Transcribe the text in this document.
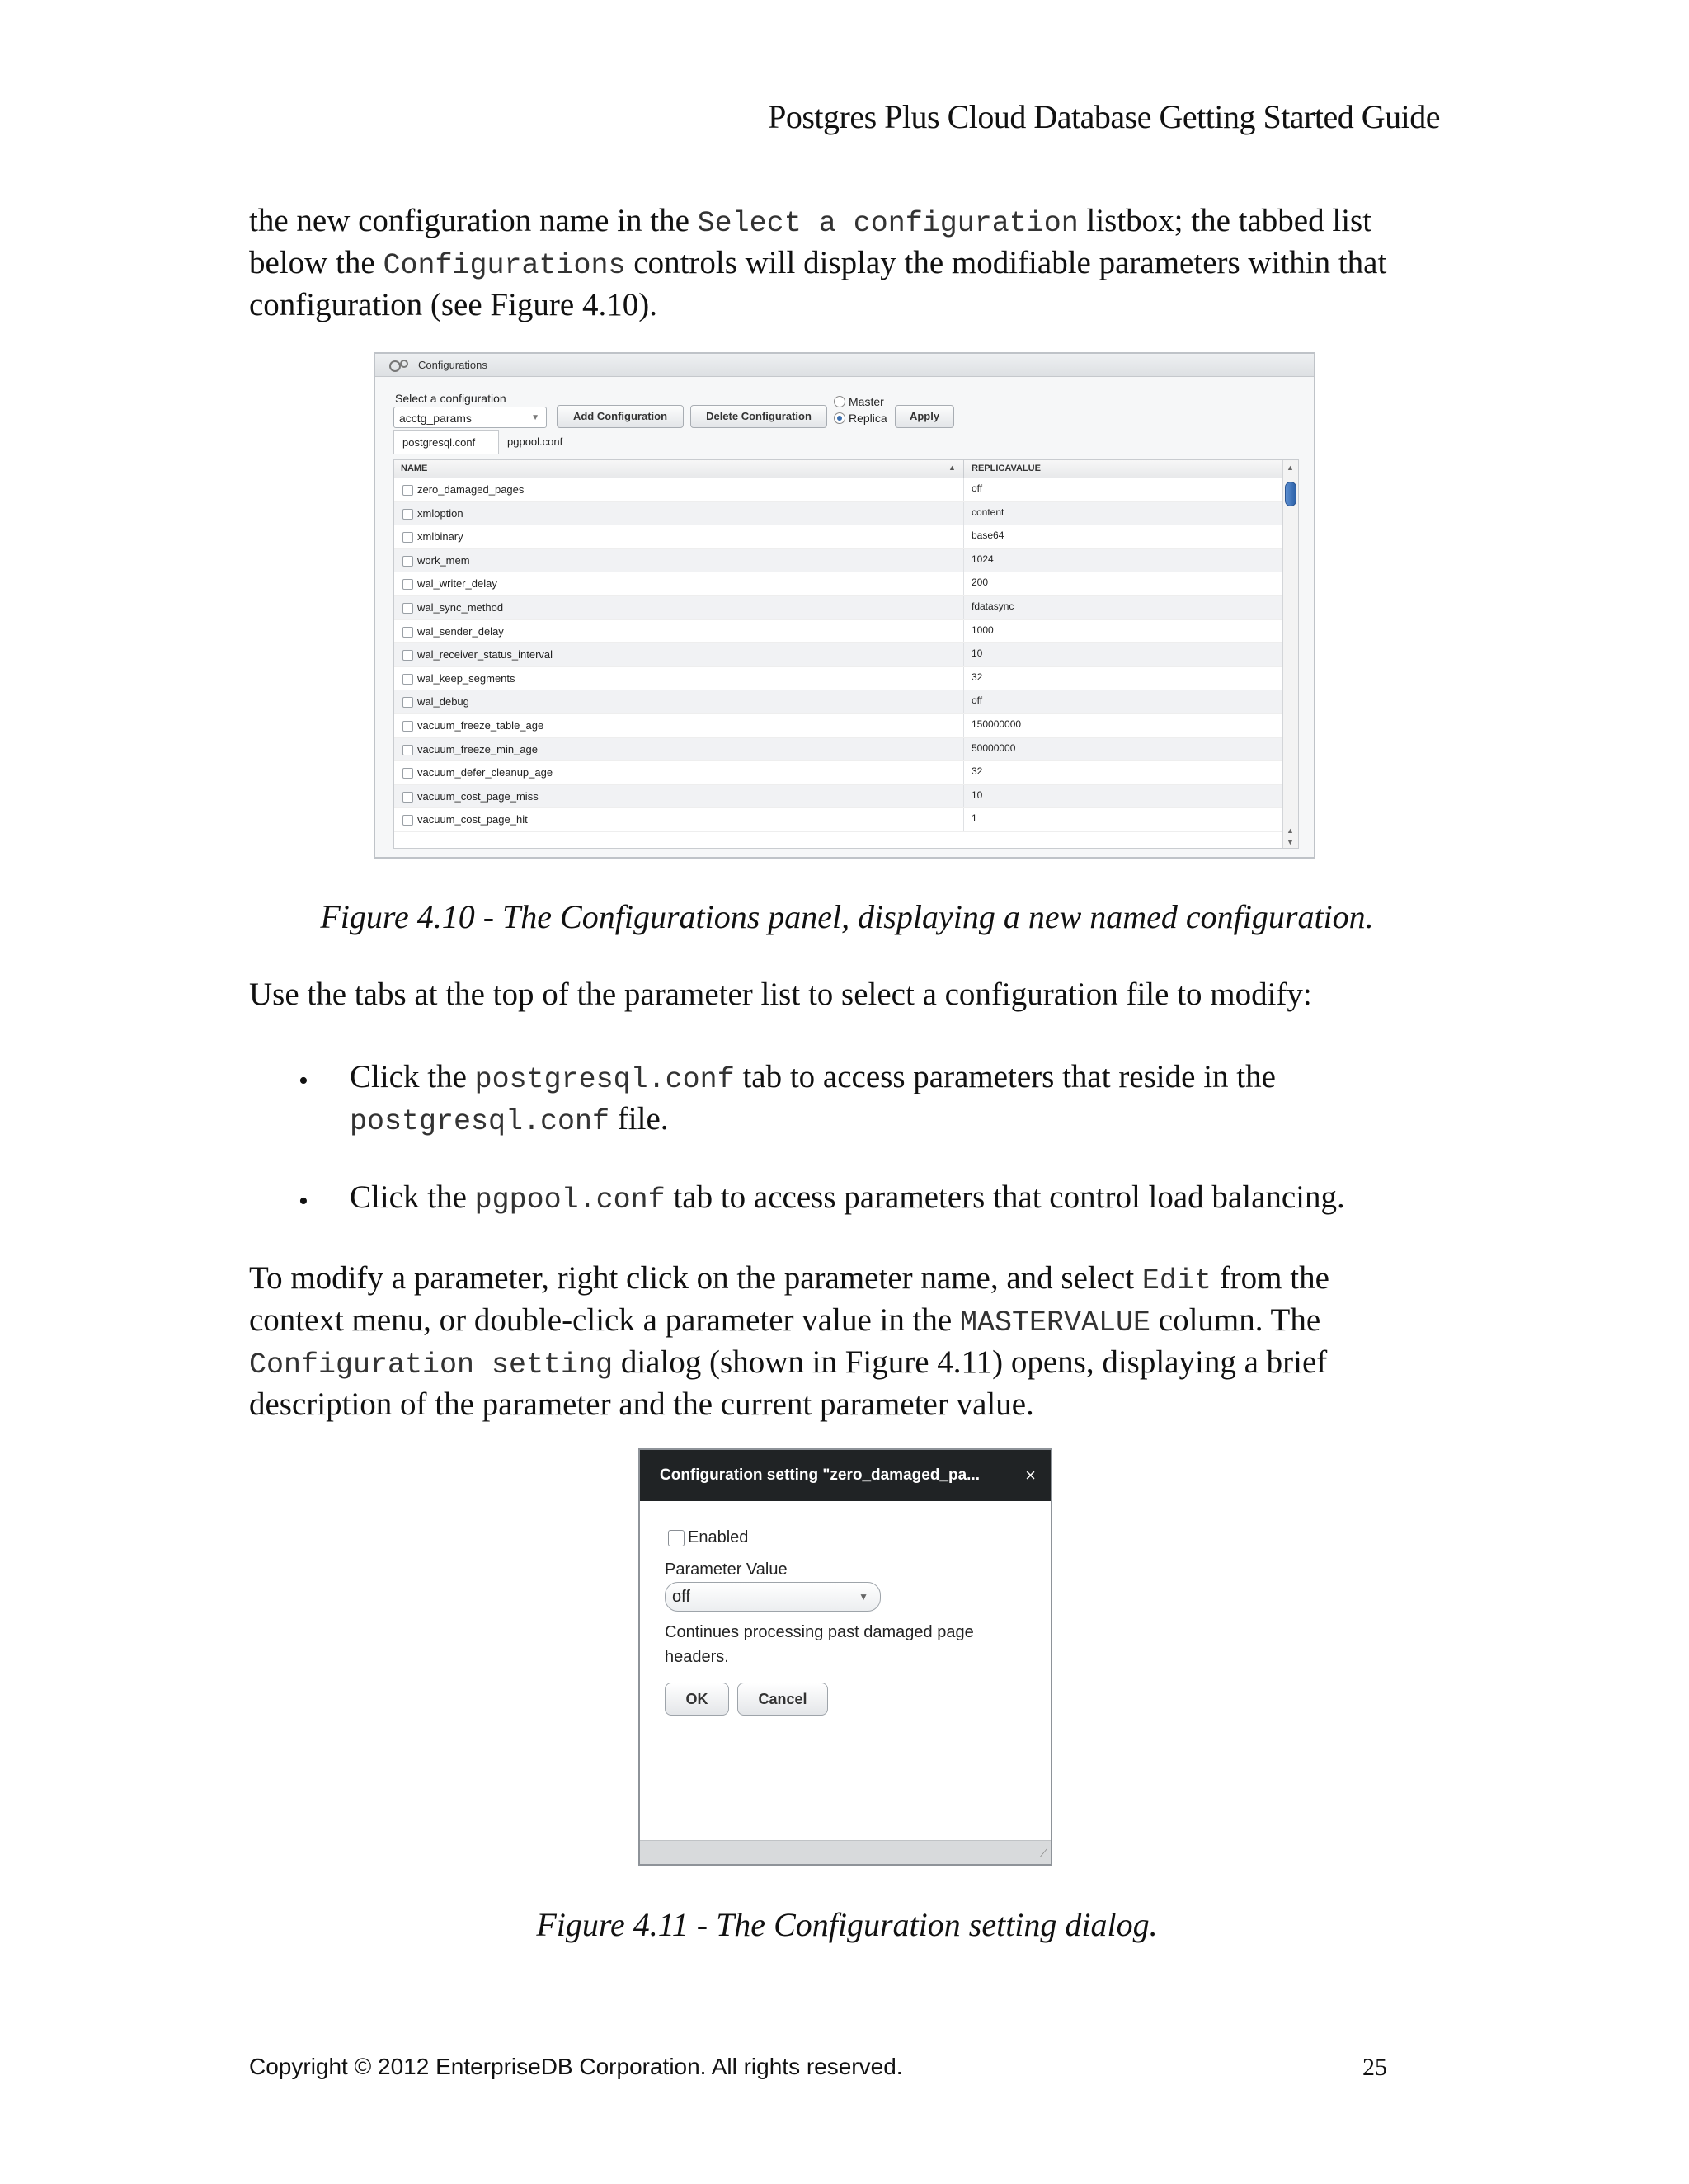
Postgres Plus Cloud Database Getting Started Guide
the new configuration name in the Select a configuration listbox; the tabbed list
below the Configurations controls will display the modifiable parameters within that
configuration (see Figure 4.10).
Configurations
Select a configuration
acctg_params	▼	Add Configuration	Delete Configuration
Master
Replica	Apply
postgresql.conf	pgpool.conf
NAME	▲ REPLICAVALUE
zero_damaged_pages	off
xmloption	content
xmlbinary	base64
work_mem	1024
wal_writer_delay	200
wal_sync_method	fdatasync
wal_sender_delay	1000
wal_receiver_status_interval	10
wal_keep_segments	32
wal_debug	off
vacuum_freeze_table_age	150000000
vacuum_freeze_min_age	50000000
vacuum_defer_cleanup_age	32
vacuum_cost_page_miss	10
vacuum_cost_page_hit	1
▲
▲
▼
Figure 4.10 - The Configurations panel, displaying a new named configuration.
Use the tabs at the top of the parameter list to select a configuration file to modify:
• Click the postgresql.conf tab to access parameters that reside in the
postgresql.conf file.
• Click the pgpool.conf tab to access parameters that control load balancing.
To modify a parameter, right click on the parameter name, and select Edit from the
context menu, or double-click a parameter value in the MASTERVALUE column. The
Configuration setting dialog (shown in Figure 4.11) opens, displaying a brief
description of the parameter and the current parameter value.
Configuration setting "zero_damaged_pa...	×
Enabled
Parameter Value
off	▼
Continues processing past damaged page headers.
OK	Cancel
⟋
Figure 4.11 - The Configuration setting dialog.
Copyright © 2012 EnterpriseDB Corporation. All rights reserved.	25
